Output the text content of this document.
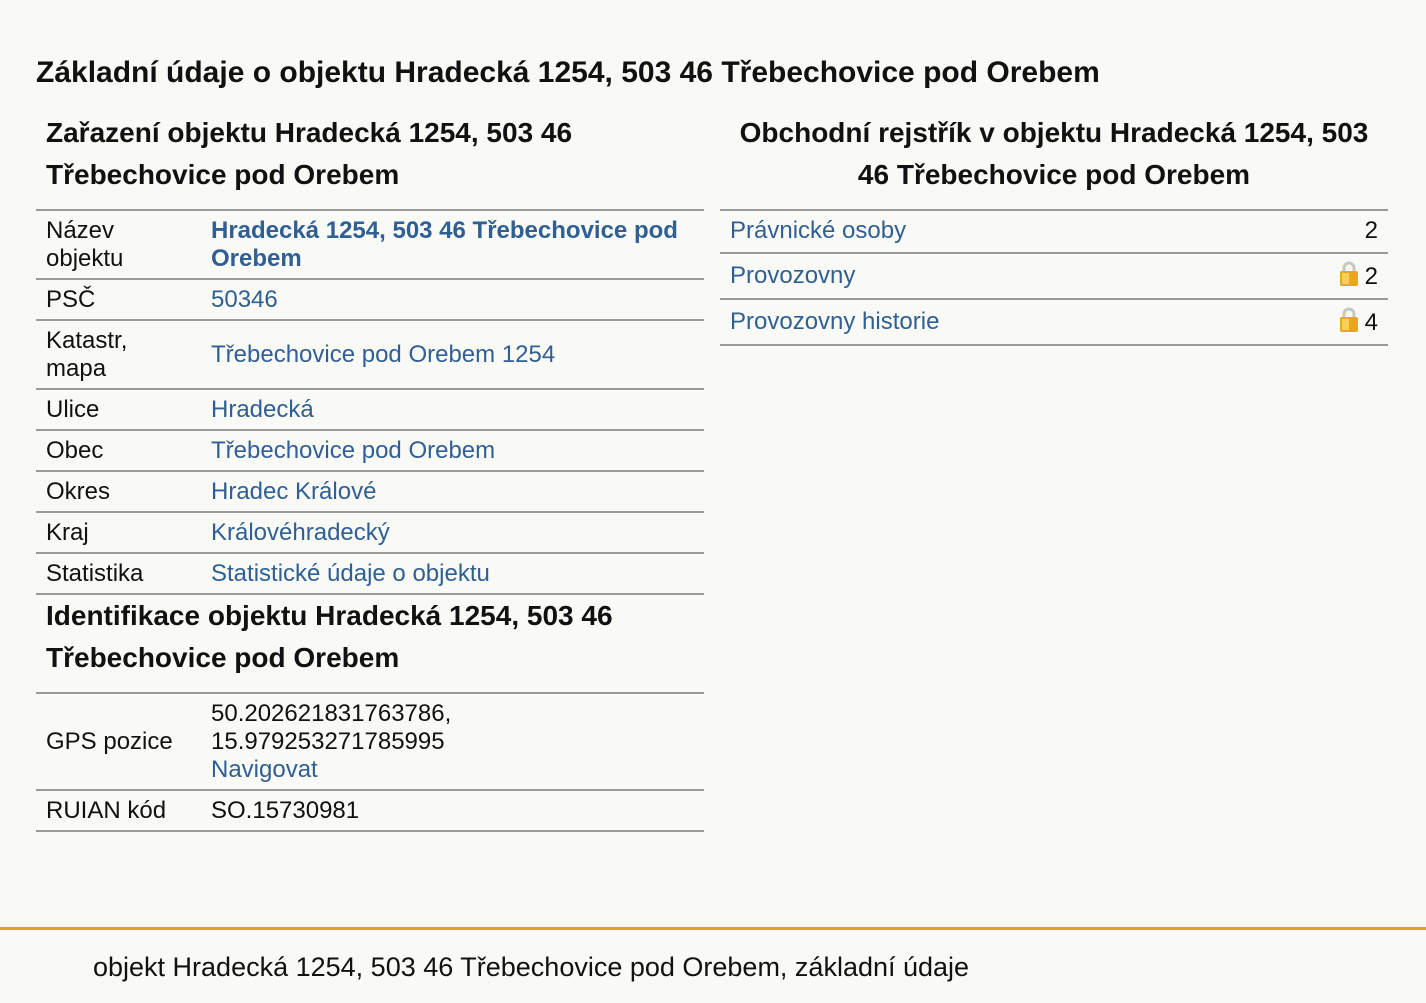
Základní údaje o objektu Hradecká 1254, 503 46 Třebechovice pod Orebem
Zařazení objektu Hradecká 1254, 503 46 Třebechovice pod Orebem
Název objektu	Hradecká 1254, 503 46 Třebechovice pod Orebem
PSČ	50346
Katastr, mapa	Třebechovice pod Orebem 1254
Ulice	Hradecká
Obec	Třebechovice pod Orebem
Okres	Hradec Králové
Kraj	Královéhradecký
Statistika	Statistické údaje o objektu
Identifikace objektu Hradecká 1254, 503 46 Třebechovice pod Orebem
GPS pozice	50.202621831763786,
15.979253271785995
Navigovat
RUIAN kód	SO.15730981
Obchodní rejstřík v objektu Hradecká 1254, 503 46 Třebechovice pod Orebem
Právnické osoby	2
Provozovny	2
Provozovny historie	4
objekt Hradecká 1254, 503 46 Třebechovice pod Orebem, základní údaje
